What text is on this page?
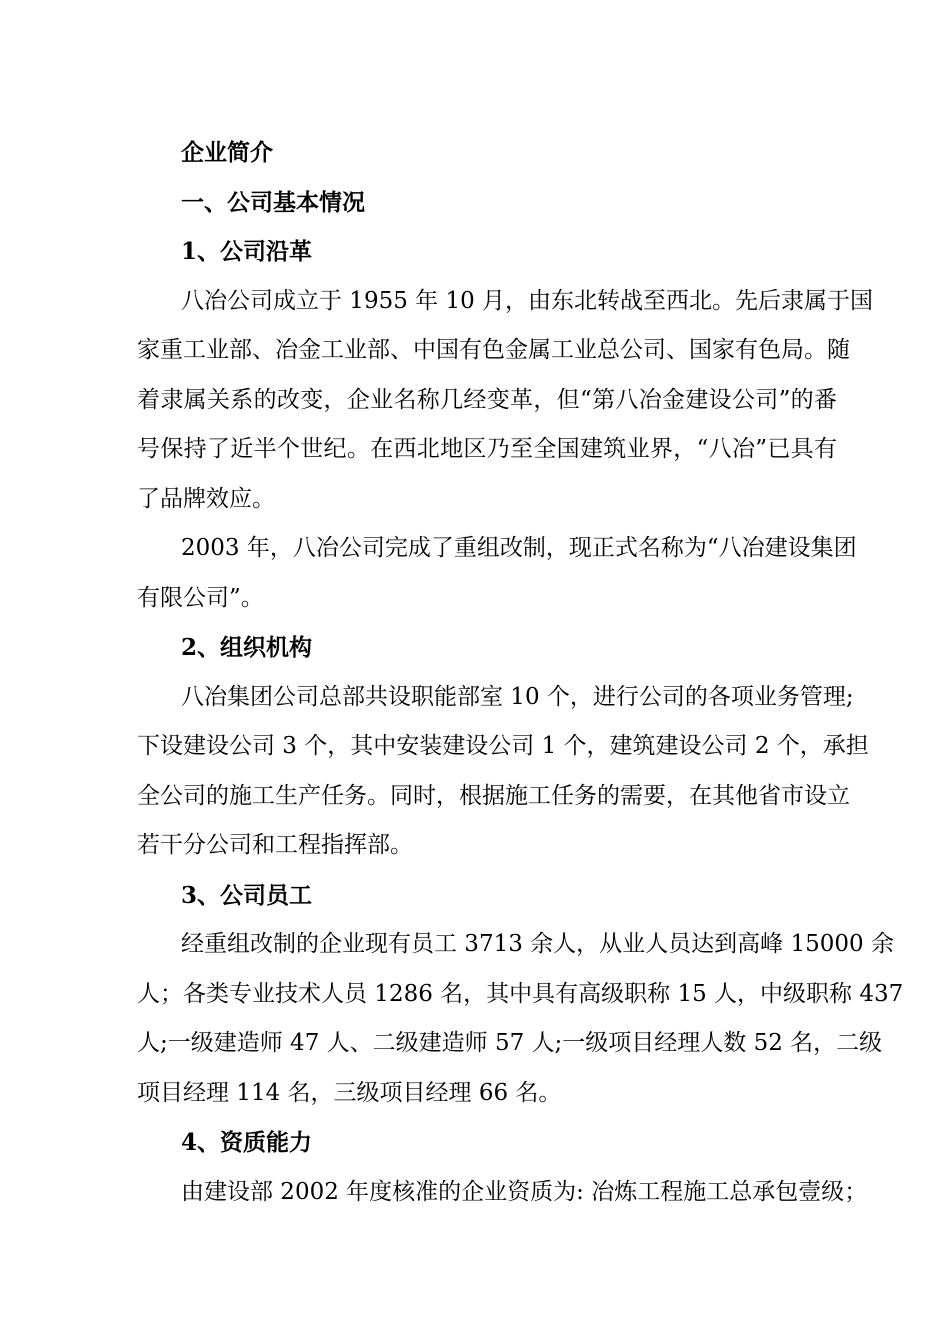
企业简介
一、公司基本情况
1、公司沿革
八冶公司成立于 1955 年 10 月，由东北转战至西北。先后隶属于国
家重工业部、冶金工业部、中国有色金属工业总公司、国家有色局。随
着隶属关系的改变，企业名称几经变革，但“第八冶金建设公司”的番
号保持了近半个世纪。在西北地区乃至全国建筑业界，“八冶”已具有
了品牌效应。
2003 年，八冶公司完成了重组改制，现正式名称为“八冶建设集团
有限公司”。
2、组织机构
八冶集团公司总部共设职能部室 10 个，进行公司的各项业务管理;
下设建设公司 3 个，其中安装建设公司 1 个，建筑建设公司 2 个，承担
全公司的施工生产任务。同时，根据施工任务的需要，在其他省市设立
若干分公司和工程指挥部。
3、公司员工
经重组改制的企业现有员工 3713 余人，从业人员达到高峰 15000 余
人；各类专业技术人员 1286 名，其中具有高级职称 15 人，中级职称 437
人;一级建造师 47 人、二级建造师 57 人;一级项目经理人数 52 名，二级
项目经理 114 名，三级项目经理 66 名。
4、资质能力
由建设部 2002 年度核准的企业资质为: 冶炼工程施工总承包壹级；
